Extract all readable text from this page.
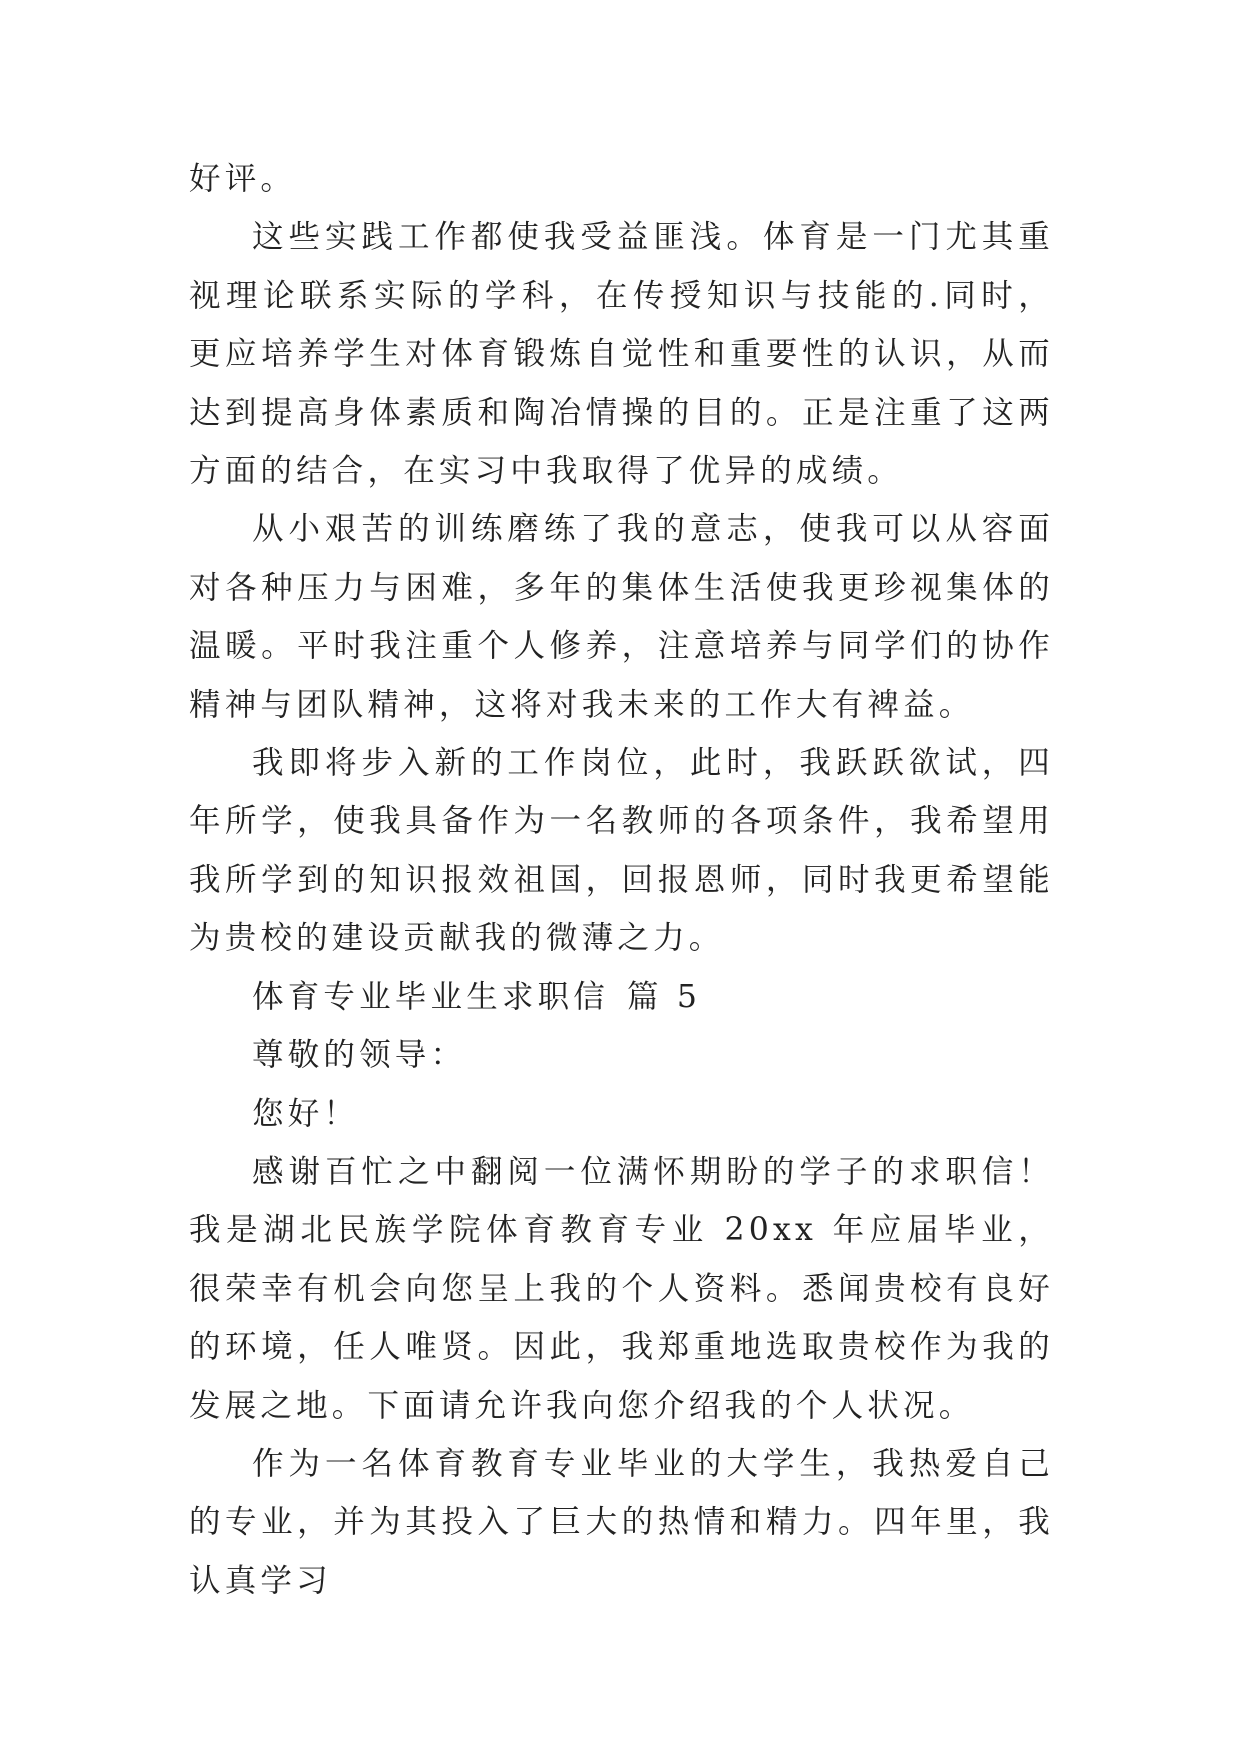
好评。

这些实践工作都使我受益匪浅。体育是一门尤其重视理论联系实际的学科，在传授知识与技能的.同时，更应培养学生对体育锻炼自觉性和重要性的认识，从而达到提高身体素质和陶冶情操的目的。正是注重了这两方面的结合，在实习中我取得了优异的成绩。

从小艰苦的训练磨练了我的意志，使我可以从容面对各种压力与困难，多年的集体生活使我更珍视集体的温暖。平时我注重个人修养，注意培养与同学们的协作精神与团队精神，这将对我未来的工作大有裨益。

我即将步入新的工作岗位，此时，我跃跃欲试，四年所学，使我具备作为一名教师的各项条件，我希望用我所学到的知识报效祖国，回报恩师，同时我更希望能为贵校的建设贡献我的微薄之力。

体育专业毕业生求职信 篇 5

尊敬的领导：

您好！

感谢百忙之中翻阅一位满怀期盼的学子的求职信！我是湖北民族学院体育教育专业 20xx 年应届毕业，很荣幸有机会向您呈上我的个人资料。悉闻贵校有良好的环境，任人唯贤。因此，我郑重地选取贵校作为我的发展之地。下面请允许我向您介绍我的个人状况。

作为一名体育教育专业毕业的大学生，我热爱自己的专业，并为其投入了巨大的热情和精力。四年里，我认真学习
